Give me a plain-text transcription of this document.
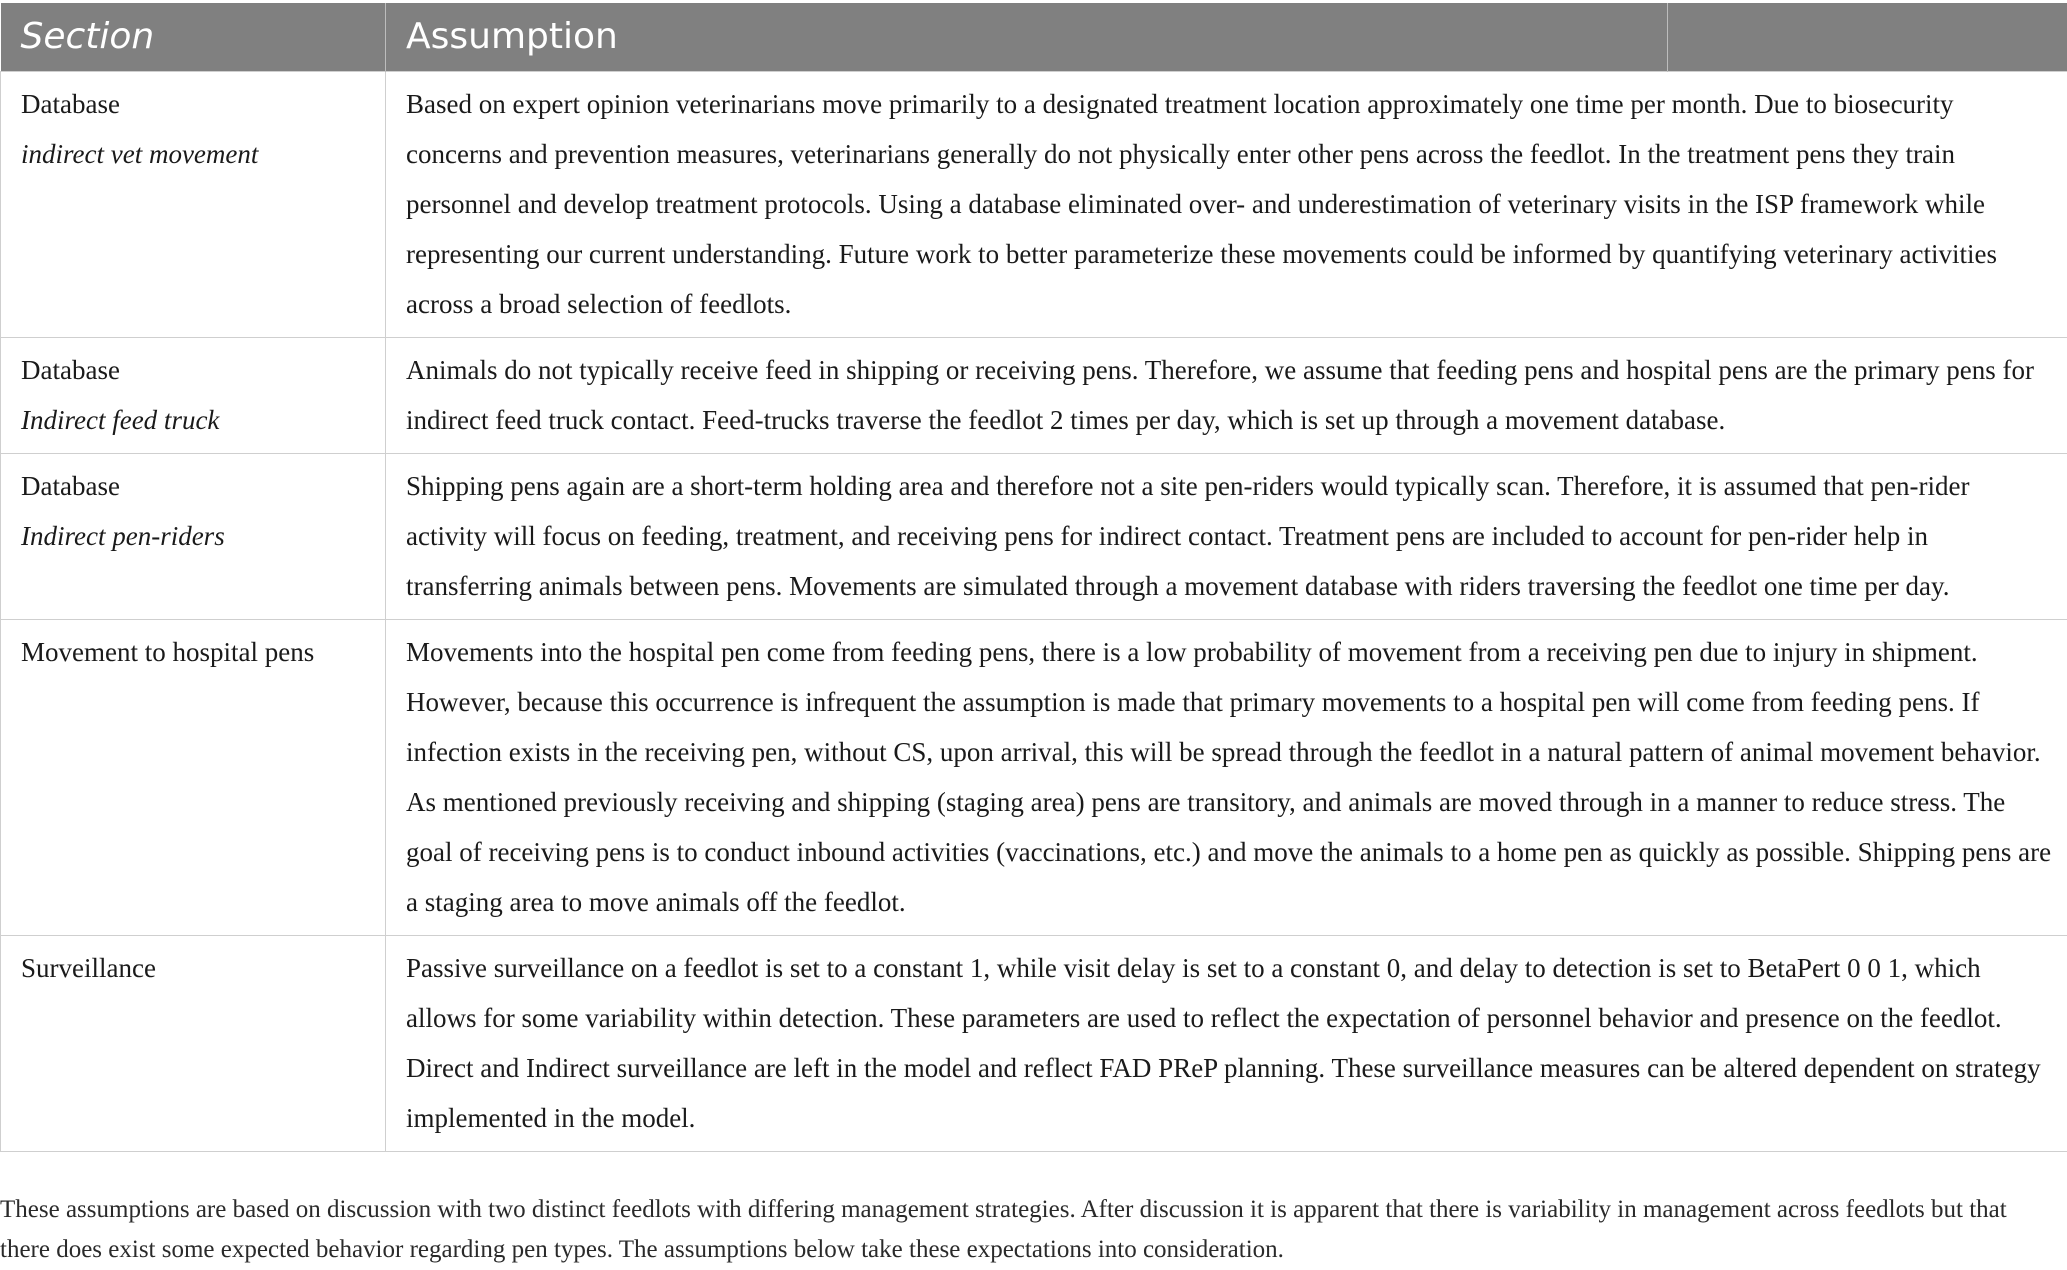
Section	Assumption	

Database
indirect vet movement	Based on expert opinion veterinarians move primarily to a designated treatment location approximately one time per month. Due to biosecurity concerns and prevention measures, veterinarians generally do not physically enter other pens across the feedlot. In the treatment pens they train personnel and develop treatment protocols. Using a database eliminated over- and underestimation of veterinary visits in the ISP framework while representing our current understanding. Future work to better parameterize these movements could be informed by quantifying veterinary activities across a broad selection of feedlots.	

Database
Indirect feed truck	Animals do not typically receive feed in shipping or receiving pens. Therefore, we assume that feeding pens and hospital pens are the primary pens for indirect feed truck contact. Feed-trucks traverse the feedlot 2 times per day, which is set up through a movement database.	

Database
Indirect pen-riders	Shipping pens again are a short-term holding area and therefore not a site pen-riders would typically scan. Therefore, it is assumed that pen-rider activity will focus on feeding, treatment, and receiving pens for indirect contact. Treatment pens are included to account for pen-rider help in transferring animals between pens. Movements are simulated through a movement database with riders traversing the feedlot one time per day.	

Movement to hospital pens	Movements into the hospital pen come from feeding pens, there is a low probability of movement from a receiving pen due to injury in shipment. However, because this occurrence is infrequent the assumption is made that primary movements to a hospital pen will come from feeding pens. If infection exists in the receiving pen, without CS, upon arrival, this will be spread through the feedlot in a natural pattern of animal movement behavior. As mentioned previously receiving and shipping (staging area) pens are transitory, and animals are moved through in a manner to reduce stress. The goal of receiving pens is to conduct inbound activities (vaccinations, etc.) and move the animals to a home pen as quickly as possible. Shipping pens are a staging area to move animals off the feedlot.	

Surveillance	Passive surveillance on a feedlot is set to a constant 1, while visit delay is set to a constant 0, and delay to detection is set to BetaPert 0 0 1, which allows for some variability within detection. These parameters are used to reflect the expectation of personnel behavior and presence on the feedlot. Direct and Indirect surveillance are left in the model and reflect FAD PReP planning. These surveillance measures can be altered dependent on strategy implemented in the model.	
These assumptions are based on discussion with two distinct feedlots with differing management strategies. After discussion it is apparent that there is variability in management across feedlots but that there does exist some expected behavior regarding pen types. The assumptions below take these expectations into consideration.
